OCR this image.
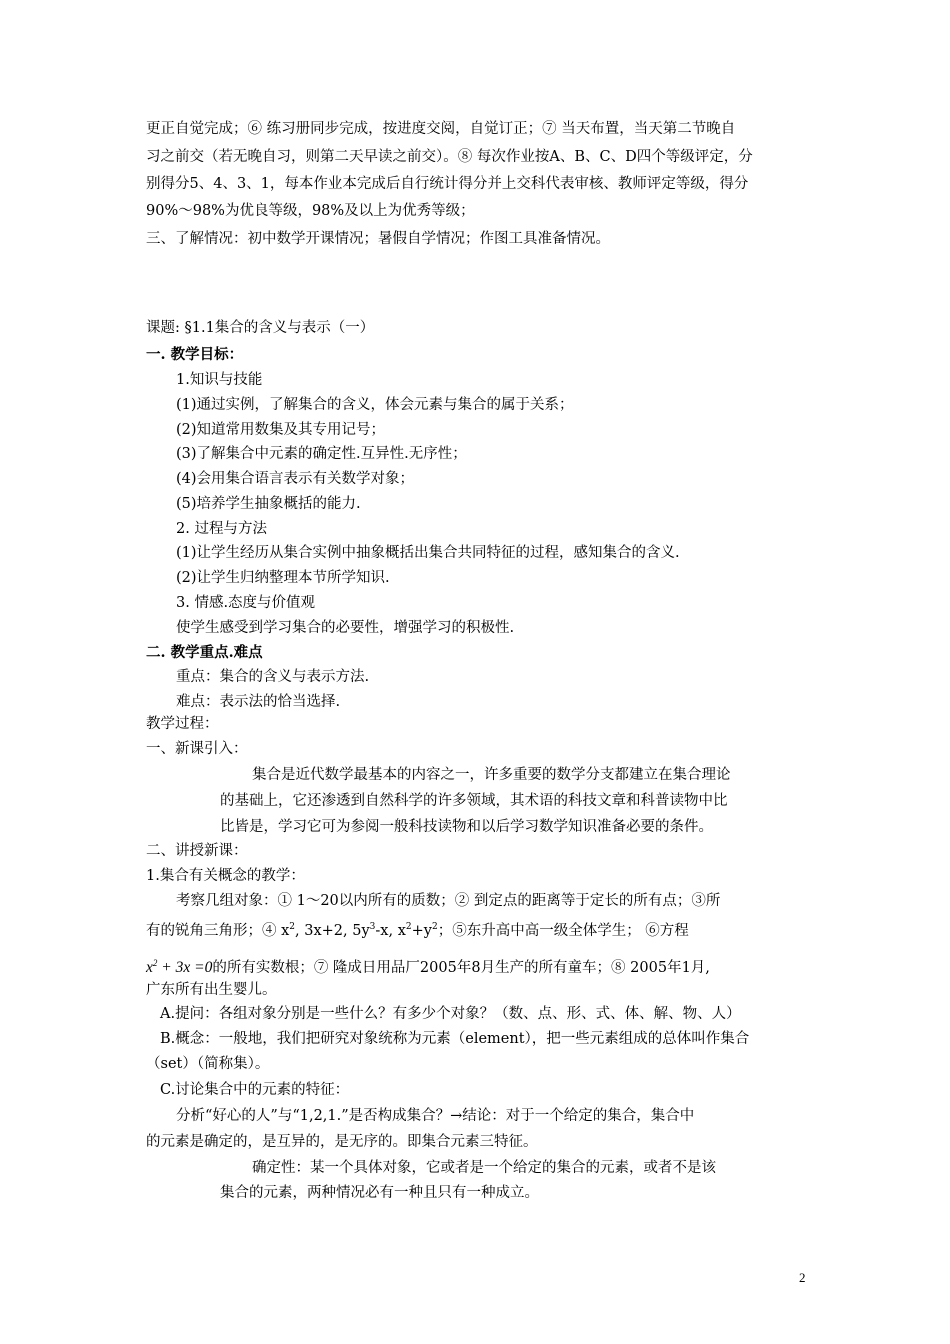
更正自觉完成；⑥ 练习册同步完成，按进度交阅，自觉订正；⑦ 当天布置，当天第二节晚自
习之前交（若无晚自习，则第二天早读之前交）。⑧ 每次作业按A、B、C、D四个等级评定，分
别得分5、4、3、1，每本作业本完成后自行统计得分并上交科代表审核、教师评定等级，得分
90%～98%为优良等级，98%及以上为优秀等级；
三、了解情况：初中数学开课情况；暑假自学情况；作图工具准备情况。
课题: §1.1集合的含义与表示（一）
一. 教学目标：
1.知识与技能
(1)通过实例，了解集合的含义，体会元素与集合的属于关系；
(2)知道常用数集及其专用记号；
(3)了解集合中元素的确定性.互异性.无序性；
(4)会用集合语言表示有关数学对象；
(5)培养学生抽象概括的能力.
2. 过程与方法
(1)让学生经历从集合实例中抽象概括出集合共同特征的过程，感知集合的含义.
(2)让学生归纳整理本节所学知识.
3. 情感.态度与价值观
使学生感受到学习集合的必要性，增强学习的积极性.
二. 教学重点.难点
重点：集合的含义与表示方法.
难点：表示法的恰当选择.
教学过程：
一、新课引入：
集合是近代数学最基本的内容之一，许多重要的数学分支都建立在集合理论
的基础上，它还渗透到自然科学的许多领域，其术语的科技文章和科普读物中比
比皆是，学习它可为参阅一般科技读物和以后学习数学知识准备必要的条件。
二、讲授新课：
1.集合有关概念的教学：
考察几组对象：① 1～20以内所有的质数；② 到定点的距离等于定长的所有点；③所
有的锐角三角形；④ $x^2$, 3x+2, $5y^3-x$, $x^2+y^2$；⑤东升高中高一级全体学生； ⑥方程
$x^2 + 3x =0$的所有实数根；⑦ 隆成日用品厂2005年8月生产的所有童车；⑧ 2005年1月,
广东所有出生婴儿。
A.提问：各组对象分别是一些什么？有多少个对象？（数、点、形、式、体、解、物、人）
B.概念：一般地，我们把研究对象统称为元素（element），把一些元素组成的总体叫作集合
（set）（简称集）。
C.讨论集合中的元素的特征：
分析“好心的人”与“1,2,1.”是否构成集合？→结论：对于一个给定的集合，集合中
的元素是确定的，是互异的，是无序的。即集合元素三特征。
确定性：某一个具体对象，它或者是一个给定的集合的元素，或者不是该
集合的元素，两种情况必有一种且只有一种成立。
2
